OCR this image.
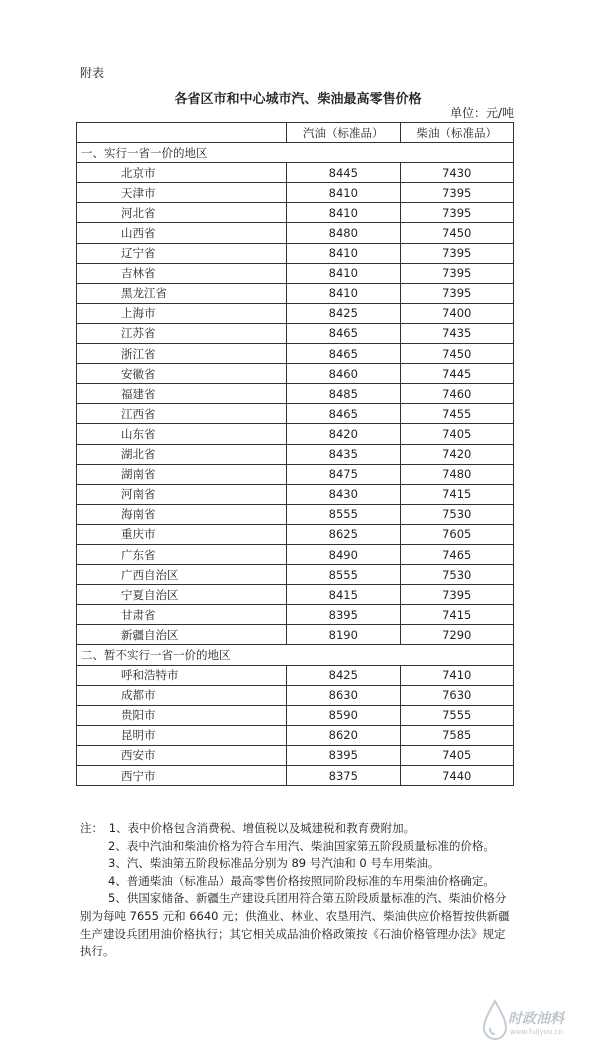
附表
各省区市和中心城市汽、柴油最高零售价格
单位：元/吨
	汽油（标准品）	柴油（标准品）
一、实行一省一价的地区		
北京市	8445	7430
天津市	8410	7395
河北省	8410	7395
山西省	8480	7450
辽宁省	8410	7395
吉林省	8410	7395
黑龙江省	8410	7395
上海市	8425	7400
江苏省	8465	7435
浙江省	8465	7450
安徽省	8460	7445
福建省	8485	7460
江西省	8465	7455
山东省	8420	7405
湖北省	8435	7420
湖南省	8475	7480
河南省	8430	7415
海南省	8555	7530
重庆市	8625	7605
广东省	8490	7465
广西自治区	8555	7530
宁夏自治区	8415	7395
甘肃省	8395	7415
新疆自治区	8190	7290
二、暂不实行一省一价的地区		
呼和浩特市	8425	7410
成都市	8630	7630
贵阳市	8590	7555
昆明市	8620	7585
西安市	8395	7405
西宁市	8375	7440

注：　1、表中价格包含消费税、增值税以及城建税和教育费附加。

2、表中汽油和柴油价格为符合车用汽、柴油国家第五阶段质量标准的价格。

3、汽、柴油第五阶段标准品分别为 89 号汽油和 0 号车用柴油。

4、普通柴油（标准品）最高零售价格按照同阶段标准的车用柴油价格确定。

5、供国家储备、新疆生产建设兵团用符合第五阶段质量标准的汽、柴油价格分别为每吨 7655 元和 6640 元；供渔业、林业、农垦用汽、柴油供应价格暂按供新疆生产建设兵团用油价格执行；其它相关成品油价格政策按《石油价格管理办法》规定执行。

时政油料
www.fuljyou.cn
